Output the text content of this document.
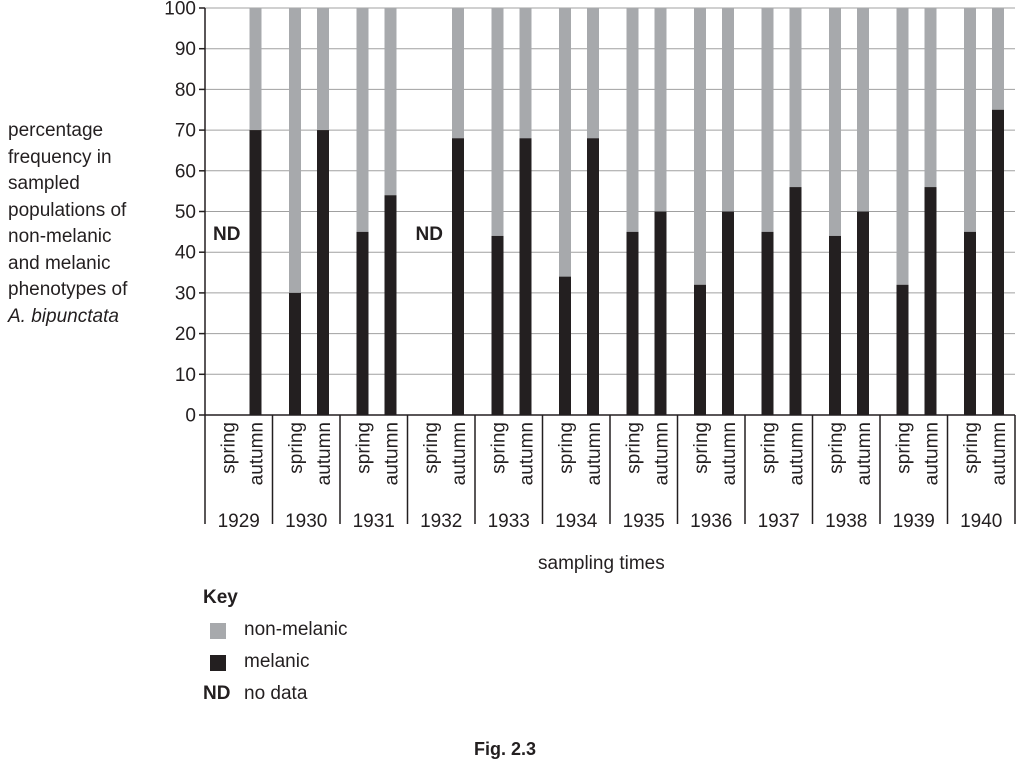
0
10
20
30
40
50
60
70
80
90
100
ND	ND
spring autumn
1929
spring autumn
1930
spring autumn
1931
spring autumn
1932
spring autumn
1933
spring autumn
1934
spring autumn
1935
spring autumn
1936
spring autumn
1937
spring autumn
1938
spring autumn
1939
spring autumn
1940
percentage
frequency in
sampled
populations of
non-melanic
and melanic
phenotypes of
A. bipunctata
sampling times
Key
non-melanic
melanic
ND no data
Fig. 2.3
